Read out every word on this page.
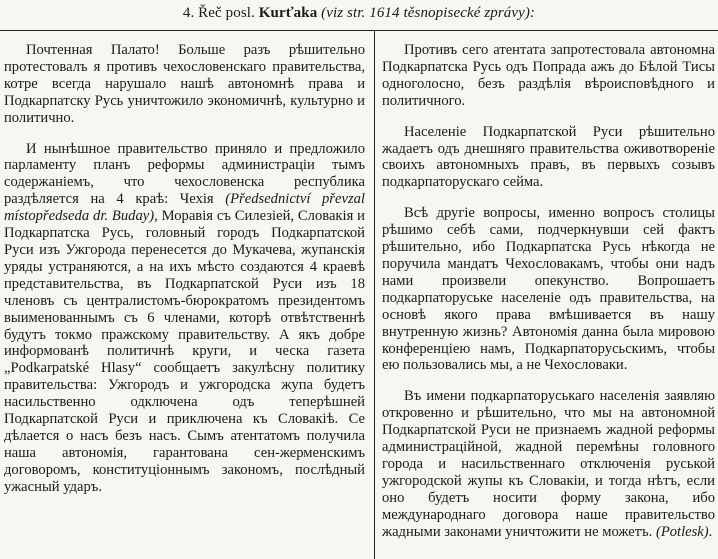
4. Řeč posl. Kurťaka (viz str. 1614 těsnopisecké zprávy):

Почтенная Палато! Больше разъ рѣшительно протестовалъ я противъ чехословенскаго правительства, котре всегда нарушало нашѣ автономнѣ права и Подкарпатску Русь уничтожило экономичнѣ, культурно и политично.

И нынѣшное правительство приняло и предложило парламенту планъ реформы администрацiи тымъ содержанiемъ, что чехословенска республика раздѣляется на 4 краѣ: Чехiя (Předsednictví převzal místopředseda dr. Buday), Моравiя съ Силезiей, Словакiя и Подкарпатска Русь, головный городъ Подкарпатской Руси изъ Ужгорода перенесется до Мукачева, жупанскiя уряды устраняются, а на ихъ мѣсто создаются 4 краевѣ представительства, въ Подкарпатской Руси изъ 18 членовъ съ централистомъ-бюрократомъ президентомъ выименованнымъ съ 6 членами, которѣ отвѣтственнѣ будутъ токмо пражскому правительству. А якъ добре информованѣ политичнѣ круги, и ческа газета „Podkarpatské Hlasy“ сообщаетъ закулѣсну политику правительства: Ужгородъ и ужгородска жупа будетъ насильственно одключена одъ теперѣшней Подкарпатской Руси и приключена къ Словакiѣ. Се дѣлается о насъ безъ насъ. Сымъ атентатомъ получила наша автономiя, гарантована сен-жерменскимъ договоромъ, конституцiоннымъ закономъ, послѣдный ужасный ударъ.

Противъ сего атентата запротестовала автономна Подкарпатска Русь одъ Попрада ажъ до Бѣлой Тисы одноголосно, безъ раздѣлiя вѣроисповѣдного и политичного.

Населенiе Подкарпатской Руси рѣшительно жадаетъ одъ днешняго правительства оживотворенiе своихъ автономныхъ правъ, въ первыхъ созывъ подкарпаторускаго сейма.

Всѣ другiе вопросы, именно вопросъ столицы рѣшимо себѣ сами, подчеркнувши сей фактъ рѣшительно, ибо Подкарпатска Русь нѣкогда не поручила мандатъ Чехословакамъ, чтобы они надъ нами произвели опекунство. Вопрошаетъ подкарпаторуське населенiе одъ правительства, на основѣ якого права вмѣшивается въ нашу внутренную жизнь? Автономiя данна была мировою конференцiею намъ, Подкарпаторусьскимъ, чтобы ею пользовались мы, а не Чехословаки.

Въ имени подкарпаторуськаго населенiя заявляю откровенно и рѣшительно, что мы на автономной Подкарпатской Руси не признаемъ жадной реформы администрацiйной, жадной перемѣны головного города и насильственнаго отключенiя руськой ужгородской жупы къ Словакiи, и тогда нѣтъ, если оно будетъ носити форму закона, ибо международнаго договора наше правительство жадными законами уничтожити не можетъ. (Potlesk).
